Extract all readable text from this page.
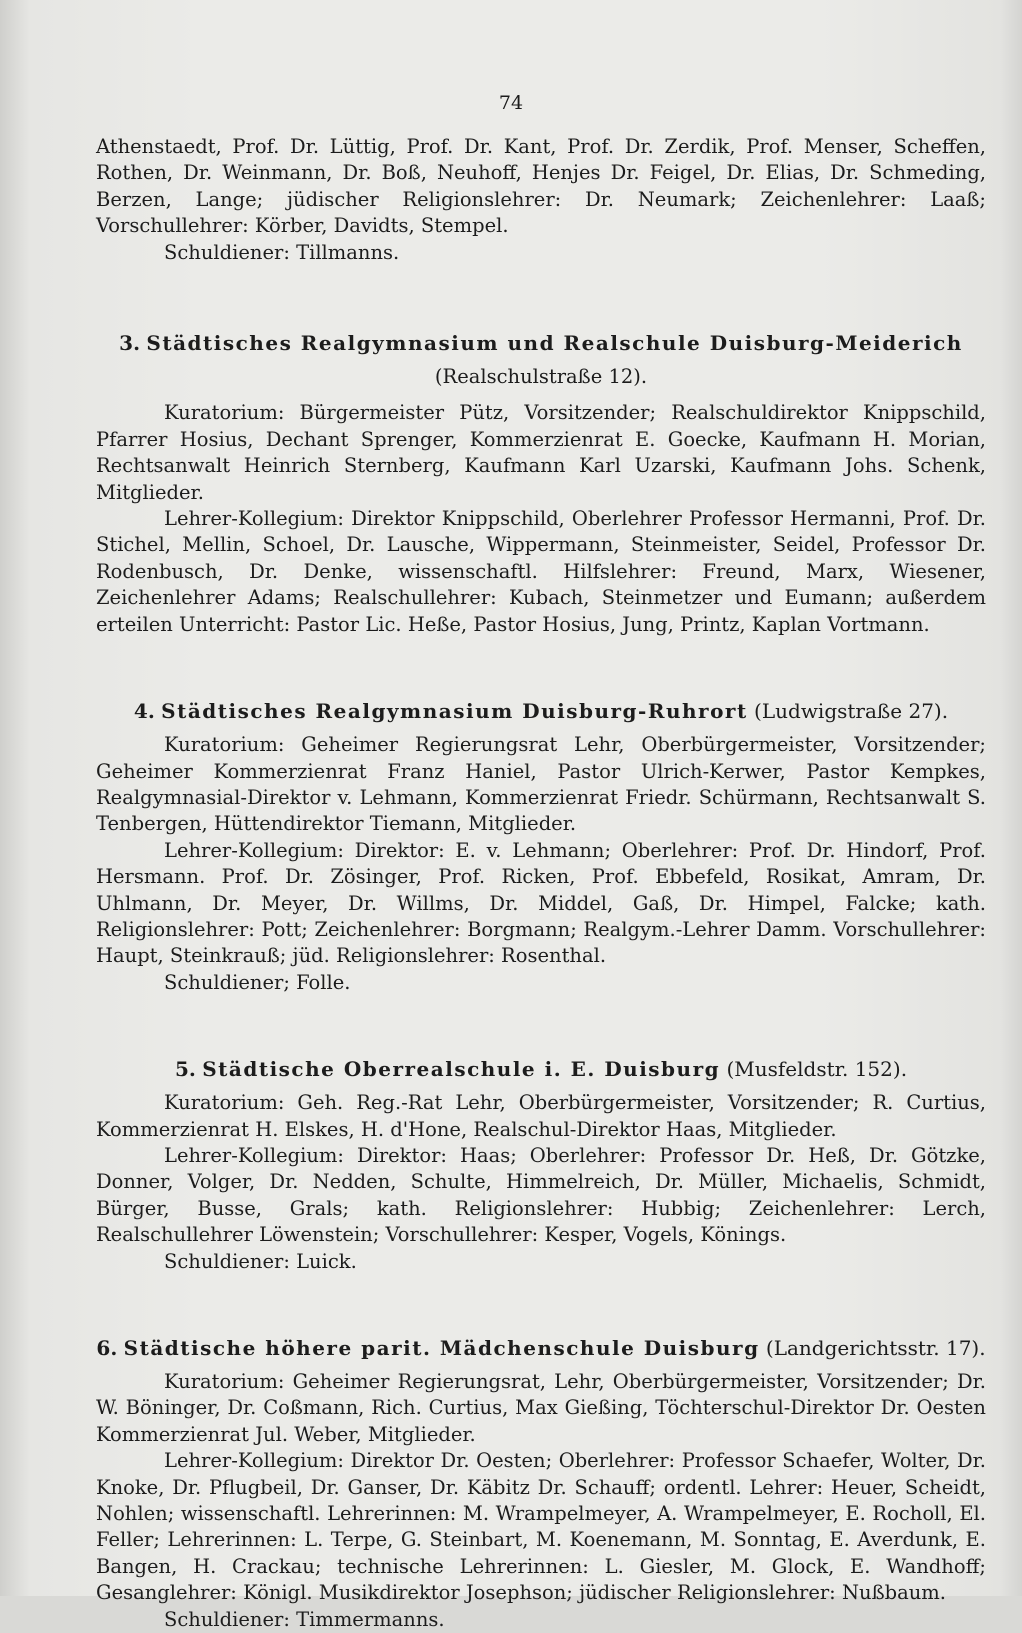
74

Athenstaedt, Prof. Dr. Lüttig, Prof. Dr. Kant, Prof. Dr. Zerdik, Prof. Menser, Scheffen, Rothen, Dr. Weinmann, Dr. Boß, Neuhoff, Henjes Dr. Feigel, Dr. Elias, Dr. Schmeding, Berzen, Lange; jüdischer Religionslehrer: Dr. Neumark; Zeichenlehrer: Laaß; Vorschullehrer: Körber, Davidts, Stempel.

Schuldiener: Tillmanns.

3. Städtisches Realgymnasium und Realschule Duisburg-Meiderich
(Realschulstraße 12).

Kuratorium: Bürgermeister Pütz, Vorsitzender; Realschuldirektor Knippschild, Pfarrer Hosius, Dechant Sprenger, Kommerzienrat E. Goecke, Kaufmann H. Morian, Rechtsanwalt Heinrich Sternberg, Kaufmann Karl Uzarski, Kaufmann Johs. Schenk, Mitglieder.

Lehrer-Kollegium: Direktor Knippschild, Oberlehrer Professor Hermanni, Prof. Dr. Stichel, Mellin, Schoel, Dr. Lausche, Wippermann, Steinmeister, Seidel, Professor Dr. Rodenbusch, Dr. Denke, wissenschaftl. Hilfslehrer: Freund, Marx, Wiesener, Zeichenlehrer Adams; Realschullehrer: Kubach, Steinmetzer und Eumann; außerdem erteilen Unterricht: Pastor Lic. Heße, Pastor Hosius, Jung, Printz, Kaplan Vortmann.

4. Städtisches Realgymnasium Duisburg-Ruhrort (Ludwigstraße 27).

Kuratorium: Geheimer Regierungsrat Lehr, Oberbürgermeister, Vorsitzender; Geheimer Kommerzienrat Franz Haniel, Pastor Ulrich-Kerwer, Pastor Kempkes, Realgymnasial-Direktor v. Lehmann, Kommerzienrat Friedr. Schürmann, Rechtsanwalt S. Tenbergen, Hüttendirektor Tiemann, Mitglieder.

Lehrer-Kollegium: Direktor: E. v. Lehmann; Oberlehrer: Prof. Dr. Hindorf, Prof. Hersmann. Prof. Dr. Zösinger, Prof. Ricken, Prof. Ebbefeld, Rosikat, Amram, Dr. Uhlmann, Dr. Meyer, Dr. Willms, Dr. Middel, Gaß, Dr. Himpel, Falcke; kath. Religionslehrer: Pott; Zeichenlehrer: Borgmann; Realgym.-Lehrer Damm. Vorschullehrer: Haupt, Steinkrauß; jüd. Religionslehrer: Rosenthal.

Schuldiener; Folle.

5. Städtische Oberrealschule i. E. Duisburg (Musfeldstr. 152).

Kuratorium: Geh. Reg.-Rat Lehr, Oberbürgermeister, Vorsitzender; R. Curtius, Kommerzienrat H. Elskes, H. d'Hone, Realschul-Direktor Haas, Mitglieder.

Lehrer-Kollegium: Direktor: Haas; Oberlehrer: Professor Dr. Heß, Dr. Götzke, Donner, Volger, Dr. Nedden, Schulte, Himmelreich, Dr. Müller, Michaelis, Schmidt, Bürger, Busse, Grals; kath. Religionslehrer: Hubbig; Zeichenlehrer: Lerch, Realschullehrer Löwenstein; Vorschullehrer: Kesper, Vogels, Könings.

Schuldiener: Luick.

6. Städtische höhere parit. Mädchenschule Duisburg (Landgerichtsstr. 17).

Kuratorium: Geheimer Regierungsrat, Lehr, Oberbürgermeister, Vorsitzender; Dr. W. Böninger, Dr. Coßmann, Rich. Curtius, Max Gießing, Töchterschul-Direktor Dr. Oesten Kommerzienrat Jul. Weber, Mitglieder.

Lehrer-Kollegium: Direktor Dr. Oesten; Oberlehrer: Professor Schaefer, Wolter, Dr. Knoke, Dr. Pflugbeil, Dr. Ganser, Dr. Käbitz Dr. Schauff; ordentl. Lehrer: Heuer, Scheidt, Nohlen; wissenschaftl. Lehrerinnen: M. Wrampelmeyer, A. Wrampelmeyer, E. Rocholl, El. Feller; Lehrerinnen: L. Terpe, G. Steinbart, M. Koenemann, M. Sonntag, E. Averdunk, E. Bangen, H. Crackau; technische Lehrerinnen: L. Giesler, M. Glock, E. Wandhoff; Gesanglehrer: Königl. Musikdirektor Josephson; jüdischer Religionslehrer: Nußbaum.

Schuldiener: Timmermanns.
